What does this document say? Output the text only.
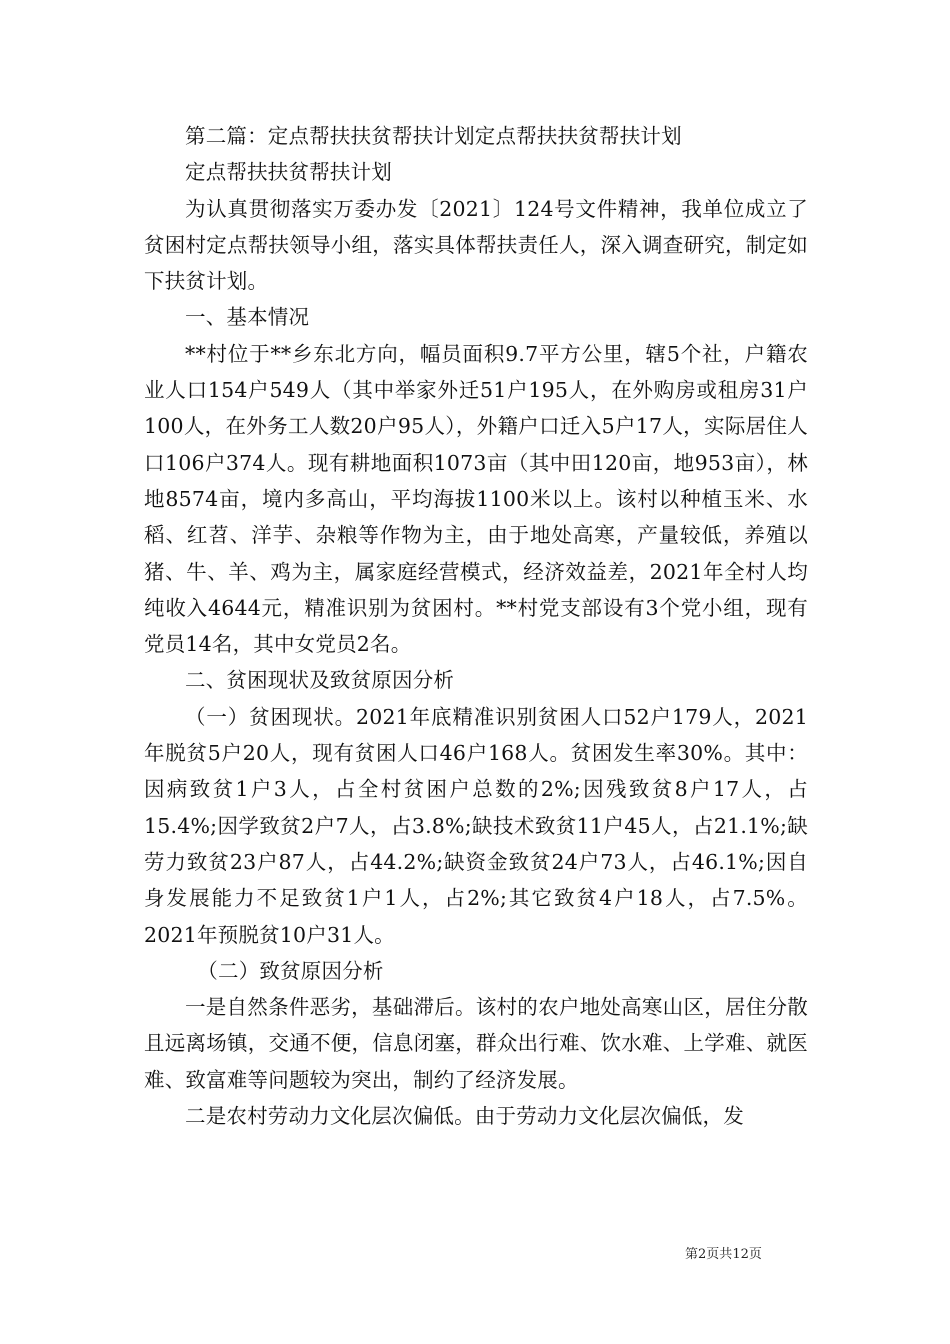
第二篇：定点帮扶扶贫帮扶计划定点帮扶扶贫帮扶计划

定点帮扶扶贫帮扶计划

为认真贯彻落实万委办发〔2021〕124号文件精神，我单位成立了贫困村定点帮扶领导小组，落实具体帮扶责任人，深入调查研究，制定如下扶贫计划。

一、基本情况

**村位于**乡东北方向，幅员面积9.7平方公里，辖5个社，户籍农业人口154户549人（其中举家外迁51户195人，在外购房或租房31户100人，在外务工人数20户95人），外籍户口迁入5户17人，实际居住人口106户374人。现有耕地面积1073亩（其中田120亩，地953亩），林地8574亩，境内多高山，平均海拔1100米以上。该村以种植玉米、水稻、红苕、洋芋、杂粮等作物为主，由于地处高寒，产量较低，养殖以猪、牛、羊、鸡为主，属家庭经营模式，经济效益差，2021年全村人均纯收入4644元，精准识别为贫困村。**村党支部设有3个党小组，现有党员14名，其中女党员2名。

二、贫困现状及致贫原因分析

（一）贫困现状。2021年底精准识别贫困人口52户179人，2021年脱贫5户20人，现有贫困人口46户168人。贫困发生率30%。其中：因病致贫1户3人，占全村贫困户总数的2%;因残致贫8户17人，占15.4%;因学致贫2户7人，占3.8%;缺技术致贫11户45人，占21.1%;缺劳力致贫23户87人，占44.2%;缺资金致贫24户73人，占46.1%;因自身发展能力不足致贫1户1人，占2%;其它致贫4户18人，占7.5%。2021年预脱贫10户31人。

（二）致贫原因分析

一是自然条件恶劣，基础滞后。该村的农户地处高寒山区，居住分散且远离场镇，交通不便，信息闭塞，群众出行难、饮水难、上学难、就医难、致富难等问题较为突出，制约了经济发展。

二是农村劳动力文化层次偏低。由于劳动力文化层次偏低，发

第2页共12页
